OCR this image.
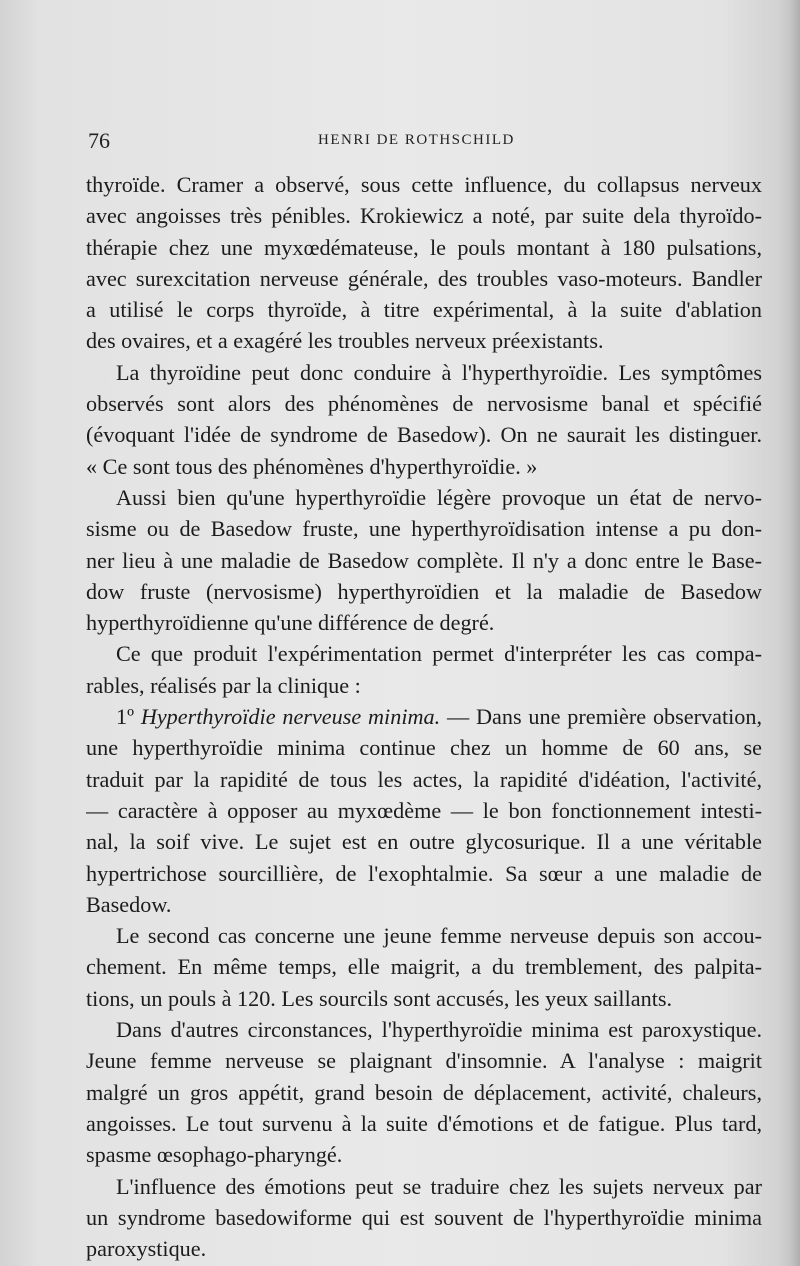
76	HENRI DE ROTHSCHILD
thyroïde. Cramer a observé, sous cette influence, du collapsus nerveux
avec angoisses très pénibles. Krokiewicz a noté, par suite dela thyroïdo-
thérapie chez une myxœdémateuse, le pouls montant à 180 pulsations,
avec surexcitation nerveuse générale, des troubles vaso-moteurs. Bandler
a utilisé le corps thyroïde, à titre expérimental, à la suite d'ablation
des ovaires, et a exagéré les troubles nerveux préexistants.
La thyroïdine peut donc conduire à l'hyperthyroïdie. Les symptômes
observés sont alors des phénomènes de nervosisme banal et spécifié
(évoquant l'idée de syndrome de Basedow). On ne saurait les distinguer.
« Ce sont tous des phénomènes d'hyperthyroïdie. »
Aussi bien qu'une hyperthyroïdie légère provoque un état de nervo-
sisme ou de Basedow fruste, une hyperthyroïdisation intense a pu don-
ner lieu à une maladie de Basedow complète. Il n'y a donc entre le Base-
dow fruste (nervosisme) hyperthyroïdien et la maladie de Basedow
hyperthyroïdienne qu'une différence de degré.
Ce que produit l'expérimentation permet d'interpréter les cas compa-
rables, réalisés par la clinique :
1º Hyperthyroïdie nerveuse minima. — Dans une première observation,
une hyperthyroïdie minima continue chez un homme de 60 ans, se
traduit par la rapidité de tous les actes, la rapidité d'idéation, l'activité,
— caractère à opposer au myxœdème — le bon fonctionnement intesti-
nal, la soif vive. Le sujet est en outre glycosurique. Il a une véritable
hypertrichose sourcillière, de l'exophtalmie. Sa sœur a une maladie de
Basedow.
Le second cas concerne une jeune femme nerveuse depuis son accou-
chement. En même temps, elle maigrit, a du tremblement, des palpita-
tions, un pouls à 120. Les sourcils sont accusés, les yeux saillants.
Dans d'autres circonstances, l'hyperthyroïdie minima est paroxystique.
Jeune femme nerveuse se plaignant d'insomnie. A l'analyse : maigrit
malgré un gros appétit, grand besoin de déplacement, activité, chaleurs,
angoisses. Le tout survenu à la suite d'émotions et de fatigue. Plus tard,
spasme œsophago-pharyngé.
L'influence des émotions peut se traduire chez les sujets nerveux par
un syndrome basedowiforme qui est souvent de l'hyperthyroïdie minima
paroxystique.
